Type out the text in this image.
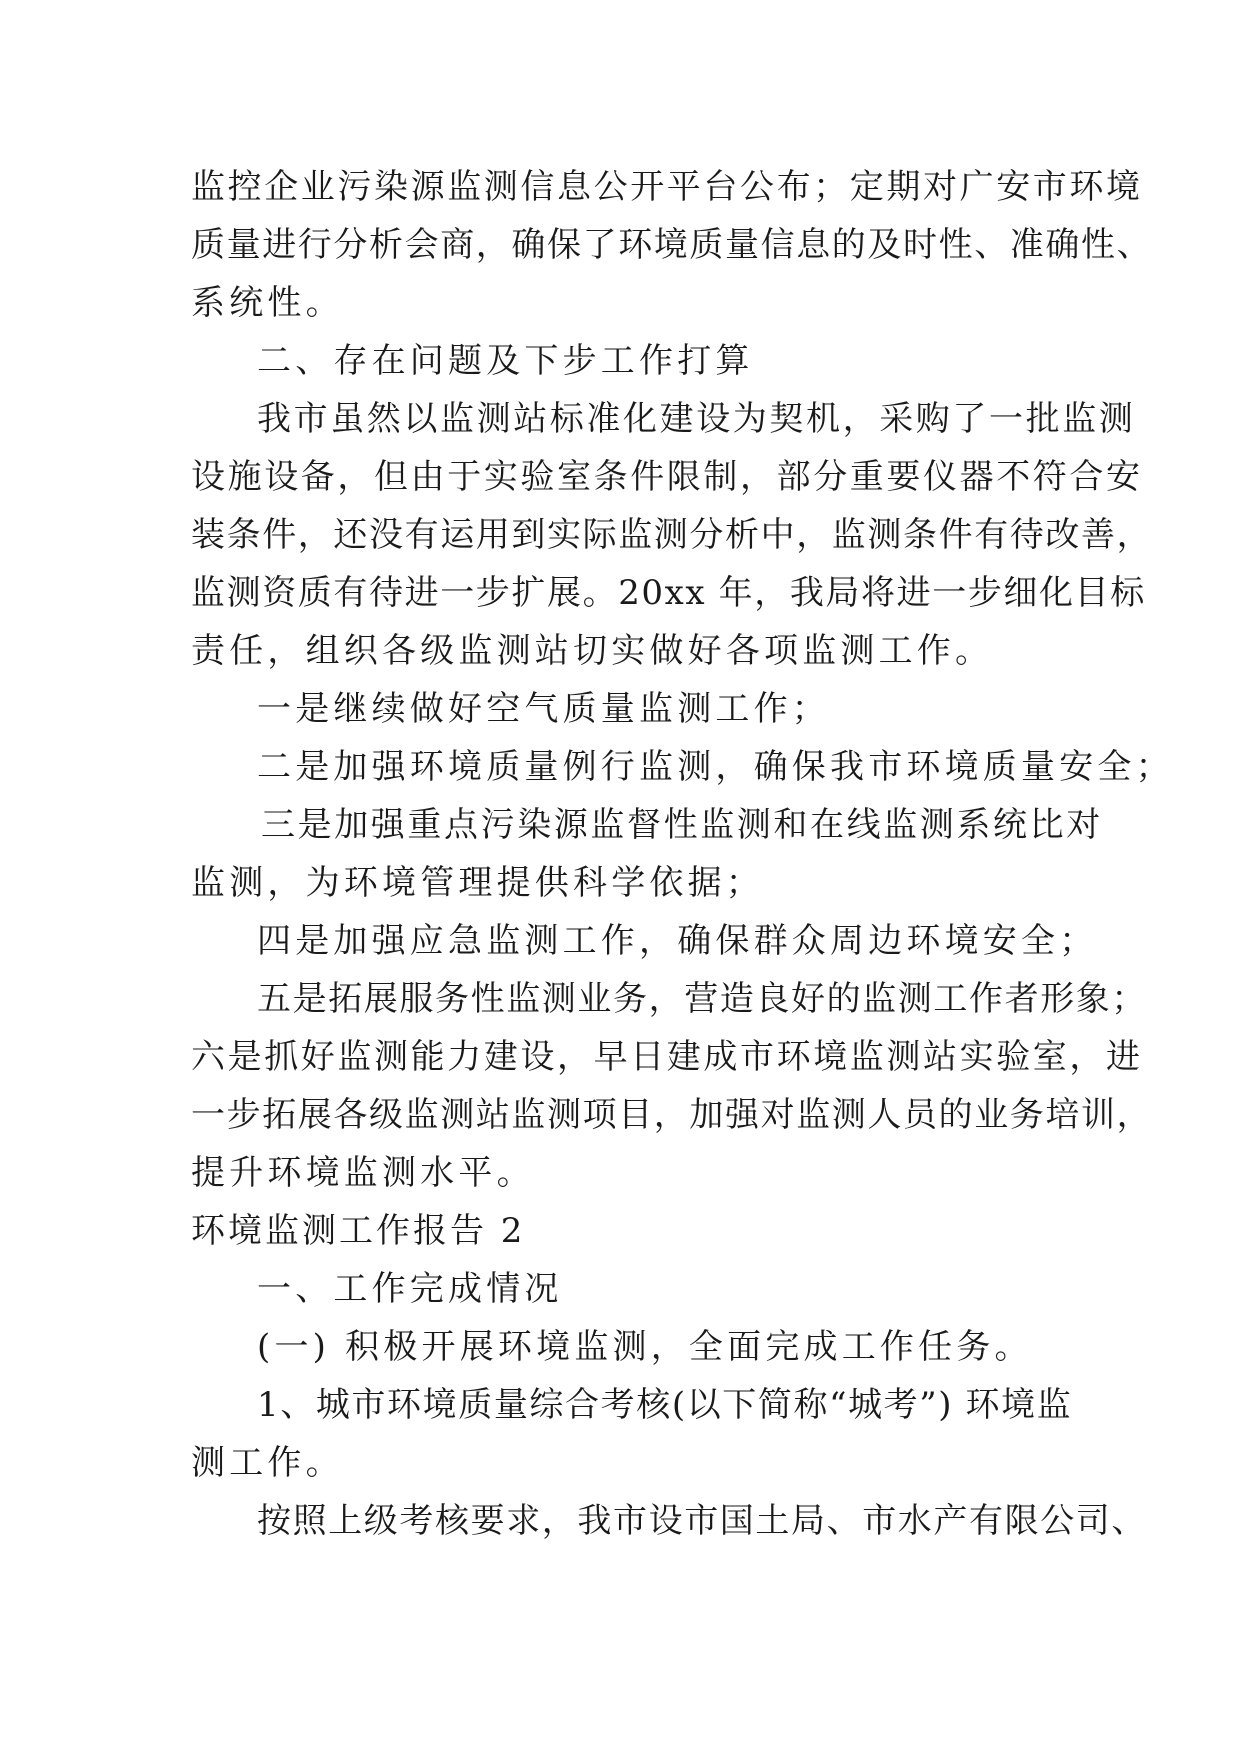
监控企业污染源监测信息公开平台公布；定期对广安市环境
质量进行分析会商，确保了环境质量信息的及时性、准确性、
系统性。
二、存在问题及下步工作打算
我市虽然以监测站标准化建设为契机，采购了一批监测
设施设备，但由于实验室条件限制，部分重要仪器不符合安
装条件，还没有运用到实际监测分析中，监测条件有待改善，
监测资质有待进一步扩展。20xx 年，我局将进一步细化目标
责任，组织各级监测站切实做好各项监测工作。
一是继续做好空气质量监测工作；
二是加强环境质量例行监测，确保我市环境质量安全；
三是加强重点污染源监督性监测和在线监测系统比对
监测，为环境管理提供科学依据；
四是加强应急监测工作，确保群众周边环境安全；
五是拓展服务性监测业务，营造良好的监测工作者形象；
六是抓好监测能力建设，早日建成市环境监测站实验室，进
一步拓展各级监测站监测项目，加强对监测人员的业务培训，
提升环境监测水平。
环境监测工作报告 2
一、工作完成情况
(一) 积极开展环境监测，全面完成工作任务。
1、城市环境质量综合考核(以下简称“城考”) 环境监
测工作。
按照上级考核要求，我市设市国土局、市水产有限公司、
